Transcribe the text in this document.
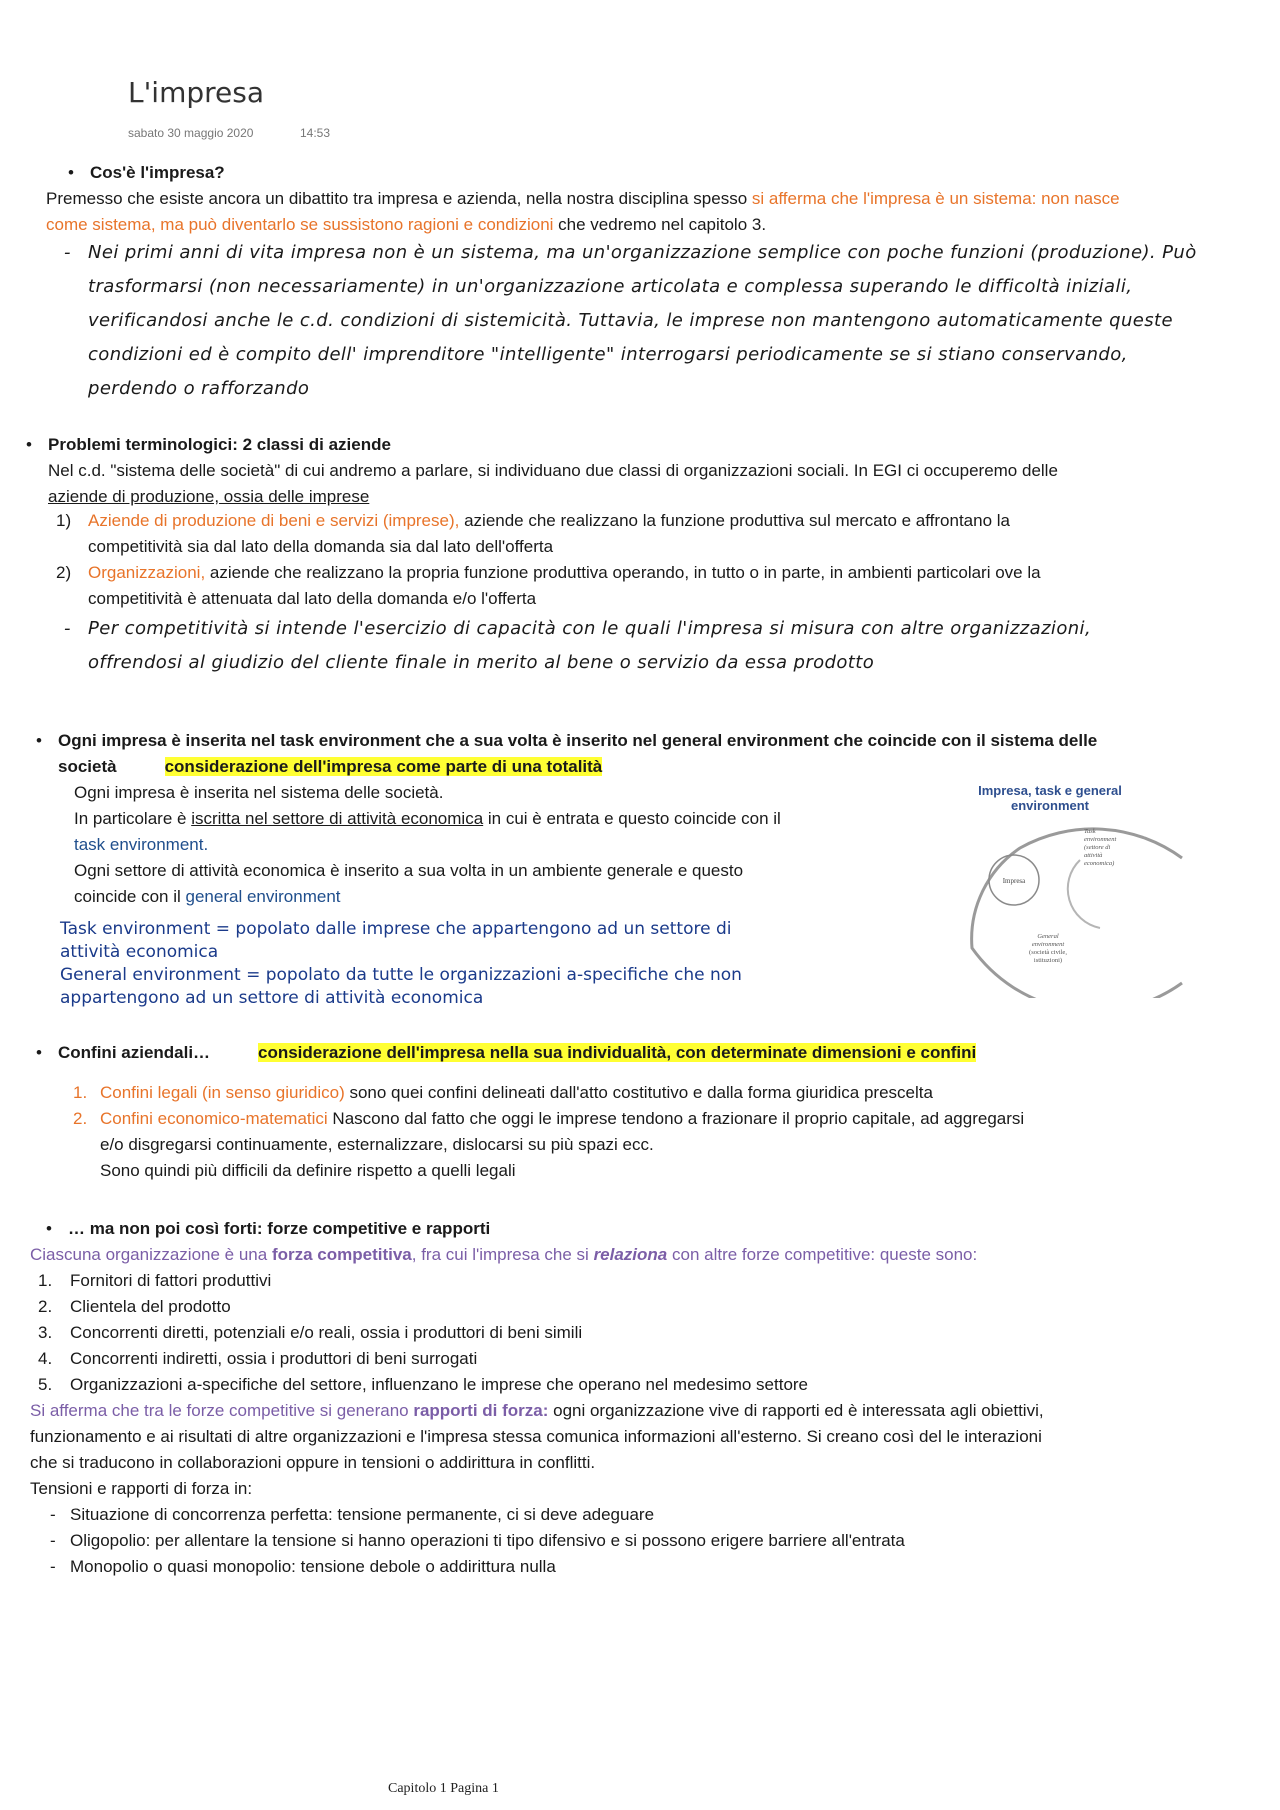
L'impresa
sabato 30 maggio 2020	14:53
• Cos'è l'impresa?
Premesso che esiste ancora un dibattito tra impresa e azienda, nella nostra disciplina spesso si afferma che l'impresa è un sistema: non nasce
come sistema, ma può diventarlo se sussistono ragioni e condizioni che vedremo nel capitolo 3.
- Nei primi anni di vita impresa non è un sistema, ma un'organizzazione semplice con poche funzioni (produzione). Può
trasformarsi (non necessariamente) in un'organizzazione articolata e complessa superando le difficoltà iniziali,
verificandosi anche le c.d. condizioni di sistemicità. Tuttavia, le imprese non mantengono automaticamente queste
condizioni ed è compito dell' imprenditore "intelligente" interrogarsi periodicamente se si stiano conservando,
perdendo o rafforzando
• Problemi terminologici: 2 classi di aziende
Nel c.d. "sistema delle società" di cui andremo a parlare, si individuano due classi di organizzazioni sociali. In EGI ci occuperemo delle
aziende di produzione, ossia delle imprese
1) Aziende di produzione di beni e servizi (imprese), aziende che realizzano la funzione produttiva sul mercato e affrontano la
competitività sia dal lato della domanda sia dal lato dell'offerta
2) Organizzazioni, aziende che realizzano la propria funzione produttiva operando, in tutto o in parte, in ambienti particolari ove la
competitività è attenuata dal lato della domanda e/o l'offerta
- Per competitività si intende l'esercizio di capacità con le quali l'impresa si misura con altre organizzazioni,
offrendosi al giudizio del cliente finale in merito al bene o servizio da essa prodotto
• Ogni impresa è inserita nel task environment che a sua volta è inserito nel general environment che coincide con il sistema delle
società	considerazione dell'impresa come parte di una totalità
Ogni impresa è inserita nel sistema delle società.
In particolare è iscritta nel settore di attività economica in cui è entrata e questo coincide con il
task environment.
Ogni settore di attività economica è inserito a sua volta in un ambiente generale e questo
coincide con il general environment
Task environment = popolato dalle imprese che appartengono ad un settore di
attività economica
General environment = popolato da tutte le organizzazioni a-specifiche che non
appartengono ad un settore di attività economica
Impresa, task e general
environment
Impresa
Task
environment
(settore di
attività
economica)
General
environment
(società civile,
istituzioni)
• Confini aziendali…	considerazione dell'impresa nella sua individualità, con determinate dimensioni e confini
1. Confini legali (in senso giuridico) sono quei confini delineati dall'atto costitutivo e dalla forma giuridica prescelta
2. Confini economico-matematici Nascono dal fatto che oggi le imprese tendono a frazionare il proprio capitale, ad aggregarsi
e/o disgregarsi continuamente, esternalizzare, dislocarsi su più spazi ecc.
Sono quindi più difficili da definire rispetto a quelli legali
• … ma non poi così forti: forze competitive e rapporti
Ciascuna organizzazione è una forza competitiva, fra cui l'impresa che si relaziona con altre forze competitive: queste sono:
1. Fornitori di fattori produttivi
2. Clientela del prodotto
3. Concorrenti diretti, potenziali e/o reali, ossia i produttori di beni simili
4. Concorrenti indiretti, ossia i produttori di beni surrogati
5. Organizzazioni a-specifiche del settore, influenzano le imprese che operano nel medesimo settore
Si afferma che tra le forze competitive si generano rapporti di forza: ogni organizzazione vive di rapporti ed è interessata agli obiettivi,
funzionamento e ai risultati di altre organizzazioni e l'impresa stessa comunica informazioni all'esterno. Si creano così del le interazioni
che si traducono in collaborazioni oppure in tensioni o addirittura in conflitti.
Tensioni e rapporti di forza in:
- Situazione di concorrenza perfetta: tensione permanente, ci si deve adeguare
- Oligopolio: per allentare la tensione si hanno operazioni ti tipo difensivo e si possono erigere barriere all'entrata
- Monopolio o quasi monopolio: tensione debole o addirittura nulla
Capitolo 1 Pagina 1
